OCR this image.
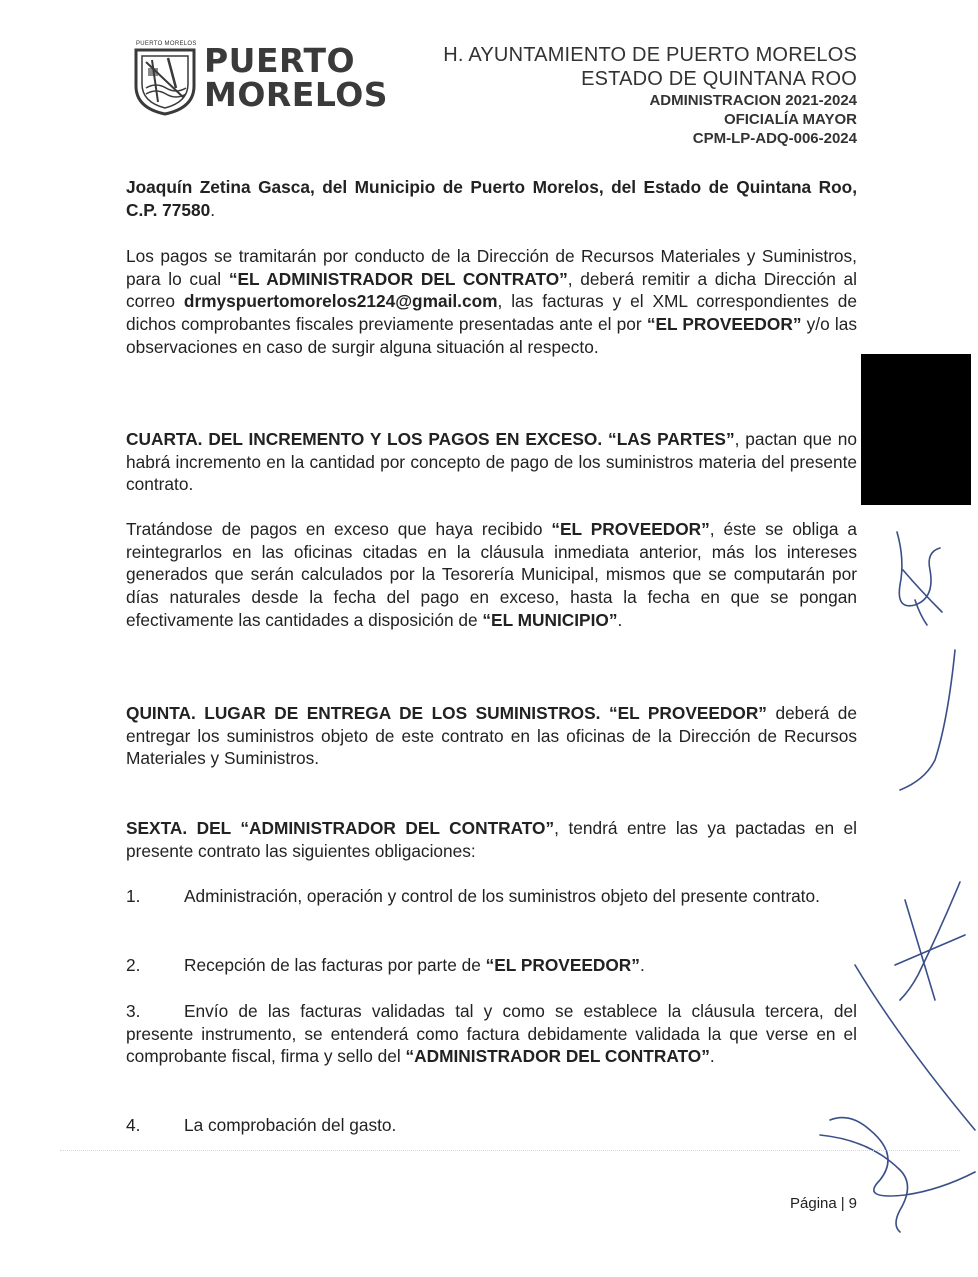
PUERTO MORELOS PUERTO
MORELOS
H. AYUNTAMIENTO DE PUERTO MORELOS
ESTADO DE QUINTANA ROO
ADMINISTRACION 2021-2024
OFICIALÍA MAYOR
CPM-LP-ADQ-006-2024

Joaquín Zetina Gasca, del Municipio de Puerto Morelos, del Estado de Quintana Roo, C.P. 77580.

Los pagos se tramitarán por conducto de la Dirección de Recursos Materiales y Suministros, para lo cual “EL ADMINISTRADOR DEL CONTRATO”, deberá remitir a dicha Dirección al correo drmyspuertomorelos2124@gmail.com, las facturas y el XML correspondientes de dichos comprobantes fiscales previamente presentadas ante el por “EL PROVEEDOR” y/o las observaciones en caso de surgir alguna situación al respecto.

CUARTA. DEL INCREMENTO Y LOS PAGOS EN EXCESO. “LAS PARTES”, pactan que no habrá incremento en la cantidad por concepto de pago de los suministros materia del presente contrato.

Tratándose de pagos en exceso que haya recibido “EL PROVEEDOR”, éste se obliga a reintegrarlos en las oficinas citadas en la cláusula inmediata anterior, más los intereses generados que serán calculados por la Tesorería Municipal, mismos que se computarán por días naturales desde la fecha del pago en exceso, hasta la fecha en que se pongan efectivamente las cantidades a disposición de “EL MUNICIPIO”.

QUINTA. LUGAR DE ENTREGA DE LOS SUMINISTROS. “EL PROVEEDOR” deberá de entregar los suministros objeto de este contrato en las oficinas de la Dirección de Recursos Materiales y Suministros.

SEXTA. DEL “ADMINISTRADOR DEL CONTRATO”, tendrá entre las ya pactadas en el presente contrato las siguientes obligaciones:

1.	Administración, operación y control de los suministros objeto del presente contrato.

2.	Recepción de las facturas por parte de “EL PROVEEDOR”.

3.	Envío de las facturas validadas tal y como se establece la cláusula tercera, del presente instrumento, se entenderá como factura debidamente validada la que verse en el comprobante fiscal, firma y sello del “ADMINISTRADOR DEL CONTRATO”.

4.	La comprobación del gasto.

Página | 9
